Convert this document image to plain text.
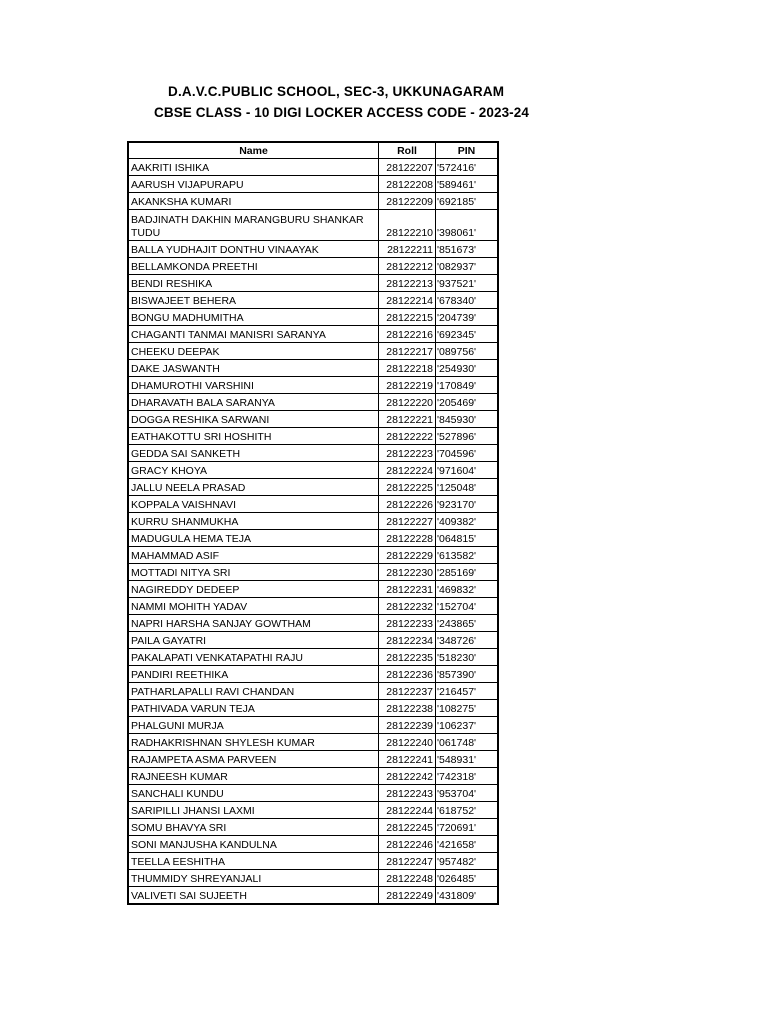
D.A.V.C.PUBLIC SCHOOL, SEC-3, UKKUNAGARAM
CBSE CLASS - 10 DIGI LOCKER ACCESS CODE - 2023-24
Name	Roll	PIN
AAKRITI ISHIKA	28122207	'572416'
AARUSH VIJAPURAPU	28122208	'589461'
AKANKSHA KUMARI	28122209	'692185'
BADJINATH DAKHIN MARANGBURU SHANKAR TUDU	28122210	'398061'
BALLA YUDHAJIT DONTHU VINAAYAK	28122211	'851673'
BELLAMKONDA PREETHI	28122212	'082937'
BENDI RESHIKA	28122213	'937521'
BISWAJEET BEHERA	28122214	'678340'
BONGU MADHUMITHA	28122215	'204739'
CHAGANTI TANMAI MANISRI SARANYA	28122216	'692345'
CHEEKU DEEPAK	28122217	'089756'
DAKE JASWANTH	28122218	'254930'
DHAMUROTHI VARSHINI	28122219	'170849'
DHARAVATH BALA SARANYA	28122220	'205469'
DOGGA RESHIKA SARWANI	28122221	'845930'
EATHAKOTTU SRI HOSHITH	28122222	'527896'
GEDDA SAI SANKETH	28122223	'704596'
GRACY KHOYA	28122224	'971604'
JALLU NEELA PRASAD	28122225	'125048'
KOPPALA VAISHNAVI	28122226	'923170'
KURRU SHANMUKHA	28122227	'409382'
MADUGULA HEMA TEJA	28122228	'064815'
MAHAMMAD ASIF	28122229	'613582'
MOTTADI NITYA SRI	28122230	'285169'
NAGIREDDY DEDEEP	28122231	'469832'
NAMMI MOHITH YADAV	28122232	'152704'
NAPRI HARSHA SANJAY GOWTHAM	28122233	'243865'
PAILA GAYATRI	28122234	'348726'
PAKALAPATI VENKATAPATHI RAJU	28122235	'518230'
PANDIRI REETHIKA	28122236	'857390'
PATHARLAPALLI RAVI CHANDAN	28122237	'216457'
PATHIVADA VARUN TEJA	28122238	'108275'
PHALGUNI MURJA	28122239	'106237'
RADHAKRISHNAN SHYLESH KUMAR	28122240	'061748'
RAJAMPETA ASMA PARVEEN	28122241	'548931'
RAJNEESH KUMAR	28122242	'742318'
SANCHALI KUNDU	28122243	'953704'
SARIPILLI JHANSI LAXMI	28122244	'618752'
SOMU BHAVYA SRI	28122245	'720691'
SONI MANJUSHA KANDULNA	28122246	'421658'
TEELLA EESHITHA	28122247	'957482'
THUMMIDY SHREYANJALI	28122248	'026485'
VALIVETI SAI SUJEETH	28122249	'431809'
